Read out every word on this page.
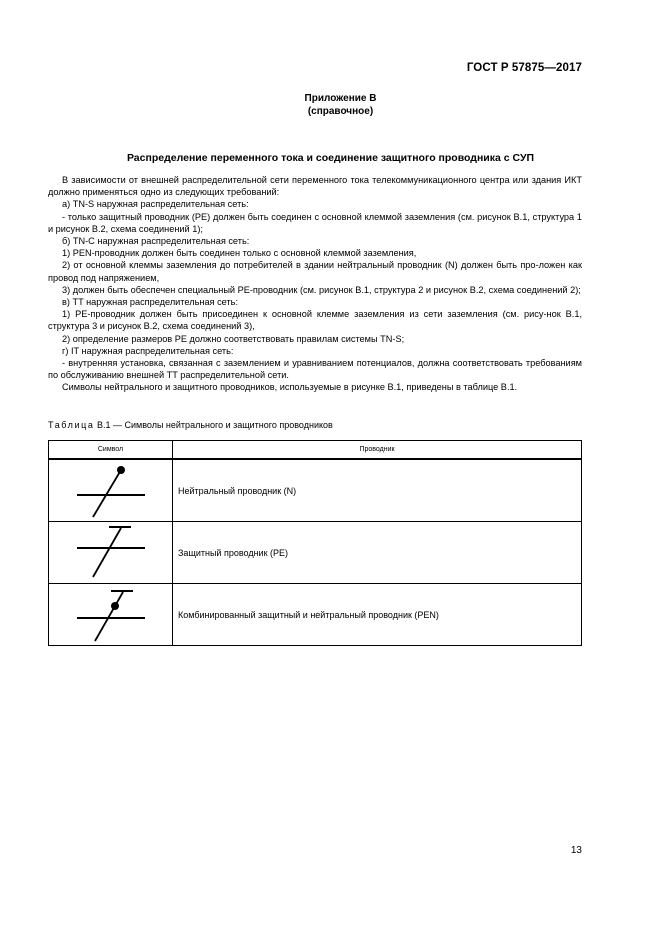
ГОСТ Р 57875—2017
Приложение В
(справочное)
Распределение переменного тока и соединение защитного проводника с СУП

В зависимости от внешней распределительной сети переменного тока телекоммуникационного центра или здания ИКТ должно применяться одно из следующих требований:

а) TN-S наружная распределительная сеть:

- только защитный проводник (PE) должен быть соединен с основной клеммой заземления (см. рисунок В.1, структура 1 и рисунок В.2, схема соединений 1);

б) TN-C наружная распределительная сеть:

1) PEN-проводник должен быть соединен только с основной клеммой заземления,

2) от основной клеммы заземления до потребителей в здании нейтральный проводник (N) должен быть про-ложен как провод под напряжением,

3) должен быть обеспечен специальный PE-проводник (см. рисунок В.1, структура 2 и рисунок В.2, схема соединений 2);

в) TT наружная распределительная сеть:

1) PE-проводник должен быть присоединен к основной клемме заземления из сети заземления (см. рису-нок В.1, структура 3 и рисунок В.2, схема соединений 3),

2) определение размеров PE должно соответствовать правилам системы TN-S;

г) IT наружная распределительная сеть:

- внутренняя установка, связанная с заземлением и уравниванием потенциалов, должна соответствовать требованиям по обслуживанию внешней TT распределительной сети.

Символы нейтрального и защитного проводников, используемые в рисунке В.1, приведены в таблице В.1.

Таблица В.1 — Символы нейтрального и защитного проводников
Символ	Проводник

	Нейтральный проводник (N)

	Защитный проводник (PE)

	Комбинированный защитный и нейтральный проводник (PEN)
13
